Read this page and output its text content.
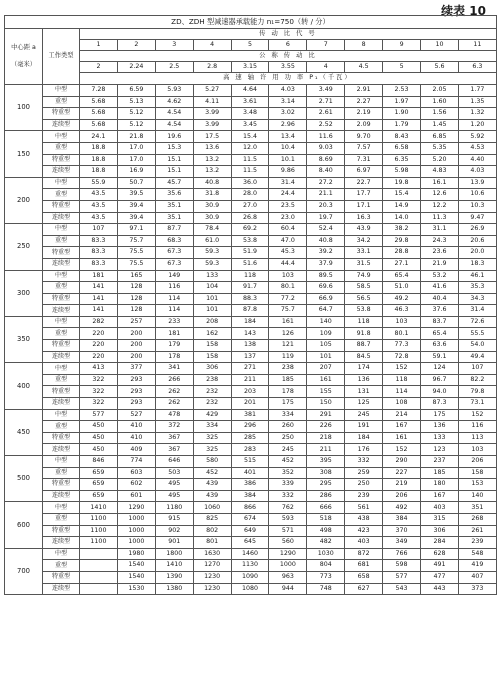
续表 10
ZD、ZDH 型减速器承载能力 n₁=750（转 / 分）												

中心距 a
（毫米）	工作类型	传 动 比 代 号										
		1	2	3	4	5	6	7	8	9	10	11
		公 称 传 动 比										
		2	2.24	2.5	2.8	3.15	3.55	4	4.5	5	5.6	6.3
		高 速 轴 许 用 功 率 P₁（千瓦）										
100	中型	7.28	6.59	5.93	5.27	4.64	4.03	3.49	2.91	2.53	2.05	1.77
	重型	5.68	5.13	4.62	4.11	3.61	3.14	2.71	2.27	1.97	1.60	1.35
	特重型	5.68	5.12	4.54	3.99	3.48	3.02	2.61	2.19	1.90	1.56	1.32
	连续型	5.68	5.12	4.54	3.99	3.45	2.96	2.52	2.09	1.79	1.45	1.20
150	中型	24.1	21.8	19.6	17.5	15.4	13.4	11.6	9.70	8.43	6.85	5.92
	重型	18.8	17.0	15.3	13.6	12.0	10.4	9.03	7.57	6.58	5.35	4.53
	特重型	18.8	17.0	15.1	13.2	11.5	10.1	8.69	7.31	6.35	5.20	4.40
	连续型	18.8	16.9	15.1	13.2	11.5	9.86	8.40	6.97	5.98	4.83	4.03
200	中型	55.9	50.7	45.7	40.8	36.0	31.4	27.2	22.7	19.8	16.1	13.9
	重型	43.5	39.5	35.6	31.8	28.0	24.4	21.1	17.7	15.4	12.6	10.6
	特重型	43.5	39.4	35.1	30.9	27.0	23.5	20.3	17.1	14.9	12.2	10.3
	连续型	43.5	39.4	35.1	30.9	26.8	23.0	19.7	16.3	14.0	11.3	9.47
250	中型	107	97.1	87.7	78.4	69.2	60.4	52.4	43.9	38.2	31.1	26.9
	重型	83.3	75.7	68.3	61.0	53.8	47.0	40.8	34.2	29.8	24.3	20.6
	特重型	83.3	75.5	67.3	59.3	51.9	45.3	39.2	33.1	28.8	23.6	20.0
	连续型	83.3	75.5	67.3	59.3	51.6	44.4	37.9	31.5	27.1	21.9	18.3
300	中型	181	165	149	133	118	103	89.5	74.9	65.4	53.2	46.1
	重型	141	128	116	104	91.7	80.1	69.6	58.5	51.0	41.6	35.3
	特重型	141	128	114	101	88.3	77.2	66.9	56.5	49.2	40.4	34.3
	连续型	141	128	114	101	87.8	75.7	64.7	53.8	46.3	37.6	31.4
350	中型	282	257	233	208	184	161	140	118	103	83.7	72.6
	重型	220	200	181	162	143	126	109	91.8	80.1	65.4	55.5
	特重型	220	200	179	158	138	121	105	88.7	77.3	63.6	54.0
	连续型	220	200	178	158	137	119	101	84.5	72.8	59.1	49.4
400	中型	413	377	341	306	271	238	207	174	152	124	107
	重型	322	293	266	238	211	185	161	136	118	96.7	82.2
	特重型	322	293	262	232	203	178	155	131	114	94.0	79.8
	连续型	322	293	262	232	201	175	150	125	108	87.3	73.1
450	中型	577	527	478	429	381	334	291	245	214	175	152
	重型	450	410	372	334	296	260	226	191	167	136	116
	特重型	450	410	367	325	285	250	218	184	161	133	113
	连续型	450	409	367	325	283	245	211	176	152	123	103
500	中型	846	774	646	580	515	452	395	332	290	237	206
	重型	659	603	503	452	401	352	308	259	227	185	158
	特重型	659	602	495	439	386	339	295	250	219	180	153
	连续型	659	601	495	439	384	332	286	239	206	167	140
600	中型	1410	1290	1180	1060	866	762	666	561	492	403	351
	重型	1100	1000	915	825	674	593	518	438	384	315	268
	特重型	1100	1000	902	802	649	571	498	423	370	306	261
	连续型	1100	1000	901	801	645	560	482	403	349	284	239
700	中型		1980	1800	1630	1460	1290	1030	872	766	628	548
	重型		1540	1410	1270	1130	1000	804	681	598	491	419
	特重型		1540	1390	1230	1090	963	773	658	577	477	407
	连续型		1530	1380	1230	1080	944	748	627	543	443	373
